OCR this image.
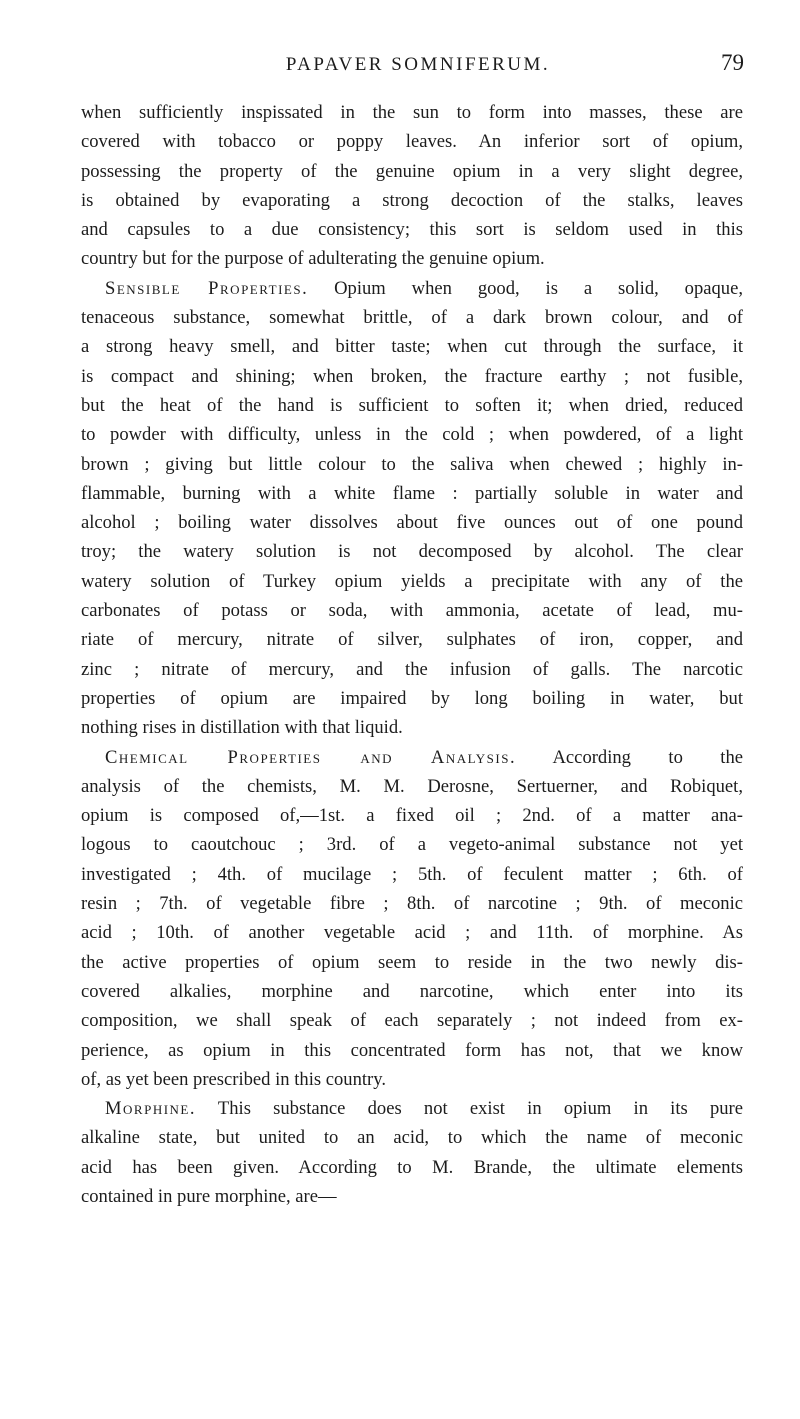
PAPAVER SOMNIFERUM.	79
when sufficiently inspissated in the sun to form into masses, these are
covered with tobacco or poppy leaves. An inferior sort of opium,
possessing the property of the genuine opium in a very slight degree,
is obtained by evaporating a strong decoction of the stalks, leaves
and capsules to a due consistency; this sort is seldom used in this
country but for the purpose of adulterating the genuine opium.
Sensible Properties. Opium when good, is a solid, opaque,
tenaceous substance, somewhat brittle, of a dark brown colour, and of
a strong heavy smell, and bitter taste; when cut through the surface, it
is compact and shining; when broken, the fracture earthy ; not fusible,
but the heat of the hand is sufficient to soften it; when dried, reduced
to powder with difficulty, unless in the cold ; when powdered, of a light
brown ; giving but little colour to the saliva when chewed ; highly in-
flammable, burning with a white flame : partially soluble in water and
alcohol ; boiling water dissolves about five ounces out of one pound
troy; the watery solution is not decomposed by alcohol. The clear
watery solution of Turkey opium yields a precipitate with any of the
carbonates of potass or soda, with ammonia, acetate of lead, mu-
riate of mercury, nitrate of silver, sulphates of iron, copper, and
zinc ; nitrate of mercury, and the infusion of galls. The narcotic
properties of opium are impaired by long boiling in water, but
nothing rises in distillation with that liquid.
Chemical Properties and Analysis. According to the
analysis of the chemists, M. M. Derosne, Sertuerner, and Robiquet,
opium is composed of,—1st. a fixed oil ; 2nd. of a matter ana-
logous to caoutchouc ; 3rd. of a vegeto-animal substance not yet
investigated ; 4th. of mucilage ; 5th. of feculent matter ; 6th. of
resin ; 7th. of vegetable fibre ; 8th. of narcotine ; 9th. of meconic
acid ; 10th. of another vegetable acid ; and 11th. of morphine. As
the active properties of opium seem to reside in the two newly dis-
covered alkalies, morphine and narcotine, which enter into its
composition, we shall speak of each separately ; not indeed from ex-
perience, as opium in this concentrated form has not, that we know
of, as yet been prescribed in this country.
Morphine. This substance does not exist in opium in its pure
alkaline state, but united to an acid, to which the name of meconic
acid has been given. According to M. Brande, the ultimate elements
contained in pure morphine, are—
